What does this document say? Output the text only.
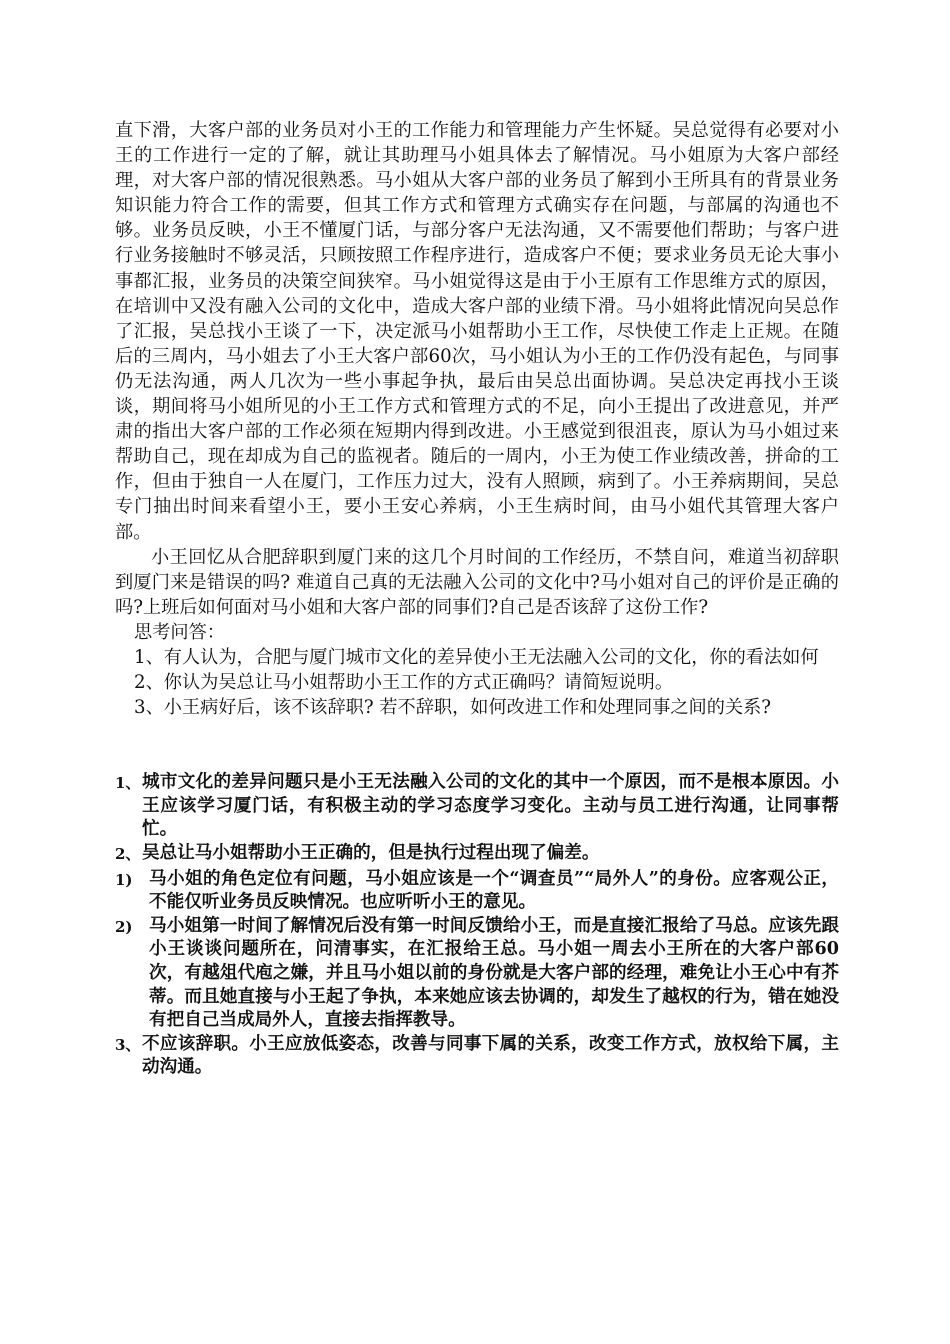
直下滑，大客户部的业务员对小王的工作能力和管理能力产生怀疑。吴总觉得有必要对小王的工作进行一定的了解，就让其助理马小姐具体去了解情况。马小姐原为大客户部经理，对大客户部的情况很熟悉。马小姐从大客户部的业务员了解到小王所具有的背景业务知识能力符合工作的需要，但其工作方式和管理方式确实存在问题，与部属的沟通也不够。业务员反映，小王不懂厦门话，与部分客户无法沟通，又不需要他们帮助；与客户进行业务接触时不够灵活，只顾按照工作程序进行，造成客户不便；要求业务员无论大事小事都汇报，业务员的决策空间狭窄。马小姐觉得这是由于小王原有工作思维方式的原因，在培训中又没有融入公司的文化中，造成大客户部的业绩下滑。马小姐将此情况向吴总作了汇报，吴总找小王谈了一下，决定派马小姐帮助小王工作，尽快使工作走上正规。在随后的三周内，马小姐去了小王大客户部60次，马小姐认为小王的工作仍没有起色，与同事仍无法沟通，两人几次为一些小事起争执，最后由吴总出面协调。吴总决定再找小王谈谈，期间将马小姐所见的小王工作方式和管理方式的不足，向小王提出了改进意见，并严肃的指出大客户部的工作必须在短期内得到改进。小王感觉到很沮丧，原认为马小姐过来帮助自己，现在却成为自己的监视者。随后的一周内，小王为使工作业绩改善，拼命的工作，但由于独自一人在厦门，工作压力过大，没有人照顾，病到了。小王养病期间，吴总专门抽出时间来看望小王，要小王安心养病，小王生病时间，由马小姐代其管理大客户部。

小王回忆从合肥辞职到厦门来的这几个月时间的工作经历，不禁自问，难道当初辞职到厦门来是错误的吗? 难道自己真的无法融入公司的文化中?马小姐对自己的评价是正确的吗?上班后如何面对马小姐和大客户部的同事们?自己是否该辞了这份工作?

思考问答：
1、有人认为，合肥与厦门城市文化的差异使小王无法融入公司的文化，你的看法如何
2、你认为吴总让马小姐帮助小王工作的方式正确吗？请简短说明。
3、小王病好后，该不该辞职? 若不辞职，如何改进工作和处理同事之间的关系?
1、 城市文化的差异问题只是小王无法融入公司的文化的其中一个原因，而不是根本原因。小王应该学习厦门话，有积极主动的学习态度学习变化。主动与员工进行沟通，让同事帮忙。
2、 吴总让马小姐帮助小王正确的，但是执行过程出现了偏差。
1) 马小姐的角色定位有问题，马小姐应该是一个“调查员”“局外人”的身份。应客观公正，不能仅听业务员反映情况。也应听听小王的意见。
2) 马小姐第一时间了解情况后没有第一时间反馈给小王，而是直接汇报给了马总。应该先跟小王谈谈问题所在，问清事实，在汇报给王总。马小姐一周去小王所在的大客户部60次，有越俎代庖之嫌，并且马小姐以前的身份就是大客户部的经理，难免让小王心中有芥蒂。而且她直接与小王起了争执，本来她应该去协调的，却发生了越权的行为，错在她没有把自己当成局外人，直接去指挥教导。
3、 不应该辞职。小王应放低姿态，改善与同事下属的关系，改变工作方式，放权给下属，主动沟通。
